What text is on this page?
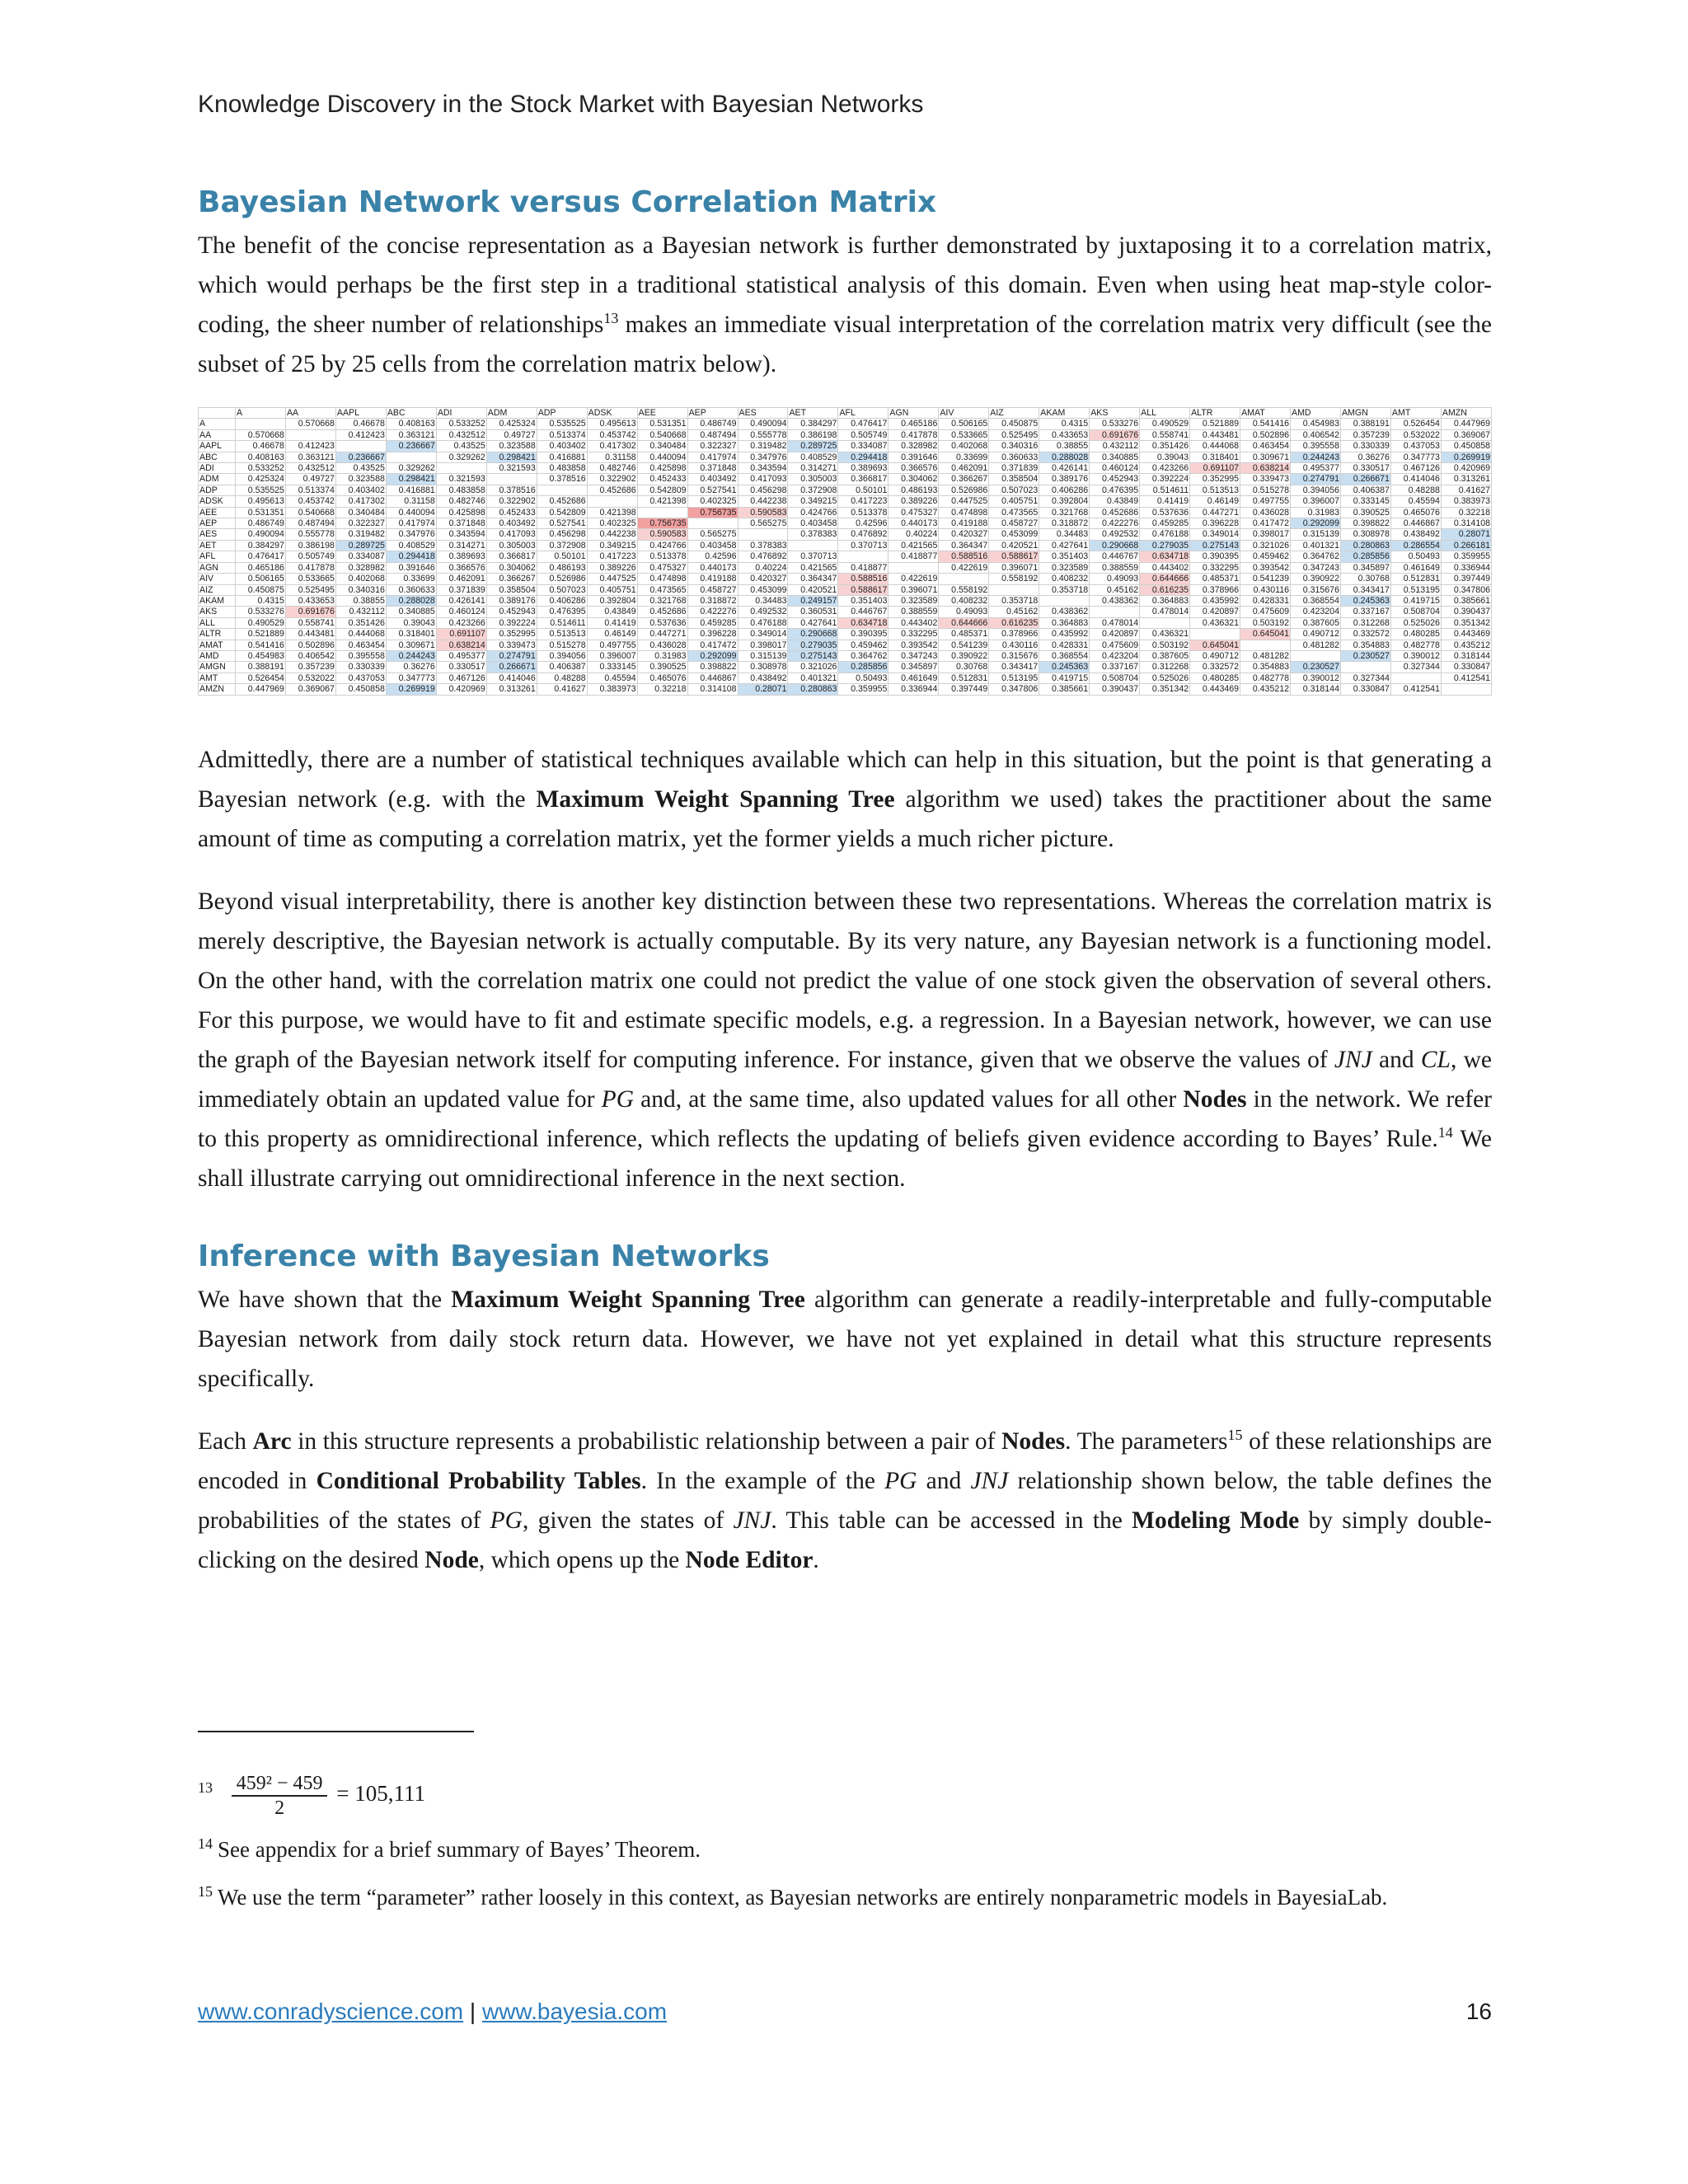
Knowledge Discovery in the Stock Market with Bayesian Networks
Bayesian Network versus Correlation Matrix

The benefit of the concise representation as a Bayesian network is further demonstrated by juxtaposing it to a correlation matrix, which would perhaps be the first step in a traditional statistical analysis of this domain. Even when using heat map-style color-coding, the sheer number of relationships$^{13}$ makes an immediate visual interpretation of the correlation matrix very difficult (see the subset of 25 by 25 cells from the correlation matrix below).

	A	AA	AAPL	ABC	ADI	ADM	ADP	ADSK	AEE	AEP	AES	AET	AFL	AGN	AIV	AIZ	AKAM	AKS	ALL	ALTR	AMAT	AMD	AMGN	AMT	AMZN
A		0.570668	0.46678	0.408163	0.533252	0.425324	0.535525	0.495613	0.531351	0.486749	0.490094	0.384297	0.476417	0.465186	0.506165	0.450875	0.4315	0.533276	0.490529	0.521889	0.541416	0.454983	0.388191	0.526454	0.447969
AA	0.570668		0.412423	0.363121	0.432512	0.49727	0.513374	0.453742	0.540668	0.487494	0.555778	0.386198	0.505749	0.417878	0.533665	0.525495	0.433653	0.691676	0.558741	0.443481	0.502896	0.406542	0.357239	0.532022	0.369067
AAPL	0.46678	0.412423		0.236667	0.43525	0.323588	0.403402	0.417302	0.340484	0.322327	0.319482	0.289725	0.334087	0.328982	0.402068	0.340316	0.38855	0.432112	0.351426	0.444068	0.463454	0.395558	0.330339	0.437053	0.450858
ABC	0.408163	0.363121	0.236667		0.329262	0.298421	0.416881	0.31158	0.440094	0.417974	0.347976	0.408529	0.294418	0.391646	0.33699	0.360633	0.288028	0.340885	0.39043	0.318401	0.309671	0.244243	0.36276	0.347773	0.269919
ADI	0.533252	0.432512	0.43525	0.329262		0.321593	0.483858	0.482746	0.425898	0.371848	0.343594	0.314271	0.389693	0.366576	0.462091	0.371839	0.426141	0.460124	0.423266	0.691107	0.638214	0.495377	0.330517	0.467126	0.420969
ADM	0.425324	0.49727	0.323588	0.298421	0.321593		0.378516	0.322902	0.452433	0.403492	0.417093	0.305003	0.366817	0.304062	0.366267	0.358504	0.389176	0.452943	0.392224	0.352995	0.339473	0.274791	0.266671	0.414046	0.313261
ADP	0.535525	0.513374	0.403402	0.416881	0.483858	0.378516		0.452686	0.542809	0.527541	0.456298	0.372908	0.50101	0.486193	0.526986	0.507023	0.406286	0.476395	0.514611	0.513513	0.515278	0.394056	0.406387	0.48288	0.41627
ADSK	0.495613	0.453742	0.417302	0.31158	0.482746	0.322902	0.452686		0.421398	0.402325	0.442238	0.349215	0.417223	0.389226	0.447525	0.405751	0.392804	0.43849	0.41419	0.46149	0.497755	0.396007	0.333145	0.45594	0.383973
AEE	0.531351	0.540668	0.340484	0.440094	0.425898	0.452433	0.542809	0.421398		0.756735	0.590583	0.424766	0.513378	0.475327	0.474898	0.473565	0.321768	0.452686	0.537636	0.447271	0.436028	0.31983	0.390525	0.465076	0.32218
AEP	0.486749	0.487494	0.322327	0.417974	0.371848	0.403492	0.527541	0.402325	0.756735		0.565275	0.403458	0.42596	0.440173	0.419188	0.458727	0.318872	0.422276	0.459285	0.396228	0.417472	0.292099	0.398822	0.446867	0.314108
AES	0.490094	0.555778	0.319482	0.347976	0.343594	0.417093	0.456298	0.442238	0.590583	0.565275		0.378383	0.476892	0.40224	0.420327	0.453099	0.34483	0.492532	0.476188	0.349014	0.398017	0.315139	0.308978	0.438492	0.28071
AET	0.384297	0.386198	0.289725	0.408529	0.314271	0.305003	0.372908	0.349215	0.424766	0.403458	0.378383		0.370713	0.421565	0.364347	0.420521	0.427641	0.290668	0.279035	0.275143	0.321026	0.401321	0.280863	0.286554	0.266181
AFL	0.476417	0.505749	0.334087	0.294418	0.389693	0.366817	0.50101	0.417223	0.513378	0.42596	0.476892	0.370713		0.418877	0.588516	0.588617	0.351403	0.446767	0.634718	0.390395	0.459462	0.364762	0.285856	0.50493	0.359955
AGN	0.465186	0.417878	0.328982	0.391646	0.366576	0.304062	0.486193	0.389226	0.475327	0.440173	0.40224	0.421565	0.418877		0.422619	0.396071	0.323589	0.388559	0.443402	0.332295	0.393542	0.347243	0.345897	0.461649	0.336944
AIV	0.506165	0.533665	0.402068	0.33699	0.462091	0.366267	0.526986	0.447525	0.474898	0.419188	0.420327	0.364347	0.588516	0.422619		0.558192	0.408232	0.49093	0.644666	0.485371	0.541239	0.390922	0.30768	0.512831	0.397449
AIZ	0.450875	0.525495	0.340316	0.360633	0.371839	0.358504	0.507023	0.405751	0.473565	0.458727	0.453099	0.420521	0.588617	0.396071	0.558192		0.353718	0.45162	0.616235	0.378966	0.430116	0.315676	0.343417	0.513195	0.347806
AKAM	0.4315	0.433653	0.38855	0.288028	0.426141	0.389176	0.406286	0.392804	0.321768	0.318872	0.34483	0.249157	0.351403	0.323589	0.408232	0.353718		0.438362	0.364883	0.435992	0.428331	0.368554	0.245363	0.419715	0.385661
AKS	0.533276	0.691676	0.432112	0.340885	0.460124	0.452943	0.476395	0.43849	0.452686	0.422276	0.492532	0.360531	0.446767	0.388559	0.49093	0.45162	0.438362		0.478014	0.420897	0.475609	0.423204	0.337167	0.508704	0.390437
ALL	0.490529	0.558741	0.351426	0.39043	0.423266	0.392224	0.514611	0.41419	0.537636	0.459285	0.476188	0.427641	0.634718	0.443402	0.644666	0.616235	0.364883	0.478014		0.436321	0.503192	0.387605	0.312268	0.525026	0.351342
ALTR	0.521889	0.443481	0.444068	0.318401	0.691107	0.352995	0.513513	0.46149	0.447271	0.396228	0.349014	0.290668	0.390395	0.332295	0.485371	0.378966	0.435992	0.420897	0.436321		0.645041	0.490712	0.332572	0.480285	0.443469
AMAT	0.541416	0.502896	0.463454	0.309671	0.638214	0.339473	0.515278	0.497755	0.436028	0.417472	0.398017	0.279035	0.459462	0.393542	0.541239	0.430116	0.428331	0.475609	0.503192	0.645041		0.481282	0.354883	0.482778	0.435212
AMD	0.454983	0.406542	0.395558	0.244243	0.495377	0.274791	0.394056	0.396007	0.31983	0.292099	0.315139	0.275143	0.364762	0.347243	0.390922	0.315676	0.368554	0.423204	0.387605	0.490712	0.481282		0.230527	0.390012	0.318144
AMGN	0.388191	0.357239	0.330339	0.36276	0.330517	0.266671	0.406387	0.333145	0.390525	0.398822	0.308978	0.321026	0.285856	0.345897	0.30768	0.343417	0.245363	0.337167	0.312268	0.332572	0.354883	0.230527		0.327344	0.330847
AMT	0.526454	0.532022	0.437053	0.347773	0.467126	0.414046	0.48288	0.45594	0.465076	0.446867	0.438492	0.401321	0.50493	0.461649	0.512831	0.513195	0.419715	0.508704	0.525026	0.480285	0.482778	0.390012	0.327344		0.412541
AMZN	0.447969	0.369067	0.450858	0.269919	0.420969	0.313261	0.41627	0.383973	0.32218	0.314108	0.28071	0.280863	0.359955	0.336944	0.397449	0.347806	0.385661	0.390437	0.351342	0.443469	0.435212	0.318144	0.330847	0.412541	

Admittedly, there are a number of statistical techniques available which can help in this situation, but the point is that generating a Bayesian network (e.g. with the Maximum Weight Spanning Tree algorithm we used) takes the practitioner about the same amount of time as computing a correlation matrix, yet the former yields a much richer picture.

Beyond visual interpretability, there is another key distinction between these two representations. Whereas the correlation matrix is merely descriptive, the Bayesian network is actually computable. By its very nature, any Bayesian network is a functioning model. On the other hand, with the correlation matrix one could not predict the value of one stock given the observation of several others. For this purpose, we would have to fit and estimate specific models, e.g. a regression. In a Bayesian network, however, we can use the graph of the Bayesian network itself for computing inference. For instance, given that we observe the values of JNJ and CL, we immediately obtain an updated value for PG and, at the same time, also updated values for all other Nodes in the network. We refer to this property as omnidirectional inference, which reflects the updating of beliefs given evidence according to Bayes’ Rule.$^{14}$ We shall illustrate carrying out omnidirectional inference in the next section.

Inference with Bayesian Networks

We have shown that the Maximum Weight Spanning Tree algorithm can generate a readily-interpretable and fully-computable Bayesian network from daily stock return data. However, we have not yet explained in detail what this structure represents specifically.

Each Arc in this structure represents a probabilistic relationship between a pair of Nodes. The parameters$^{15}$ of these relationships are encoded in Conditional Probability Tables. In the example of the PG and JNJ relationship shown below, the table defines the probabilities of the states of PG, given the states of JNJ. This table can be accessed in the Modeling Mode by simply double-clicking on the desired Node, which opens up the Node Editor.

$^{13} \frac{\text{459² − 459}}{2} = 105,111$
$^{14}$ See appendix for a brief summary of Bayes’ Theorem.
$^{15}$ We use the term “parameter” rather loosely in this context, as Bayesian networks are entirely nonparametric models in BayesiaLab.
www.conradyscience.com | www.bayesia.com	16
